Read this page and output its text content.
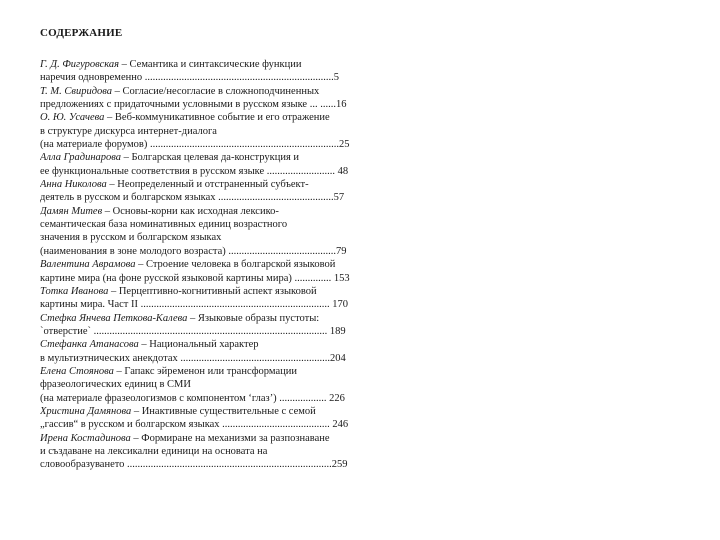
СОДЕРЖАНИЕ
Г. Д. Фигуровская – Семантика и синтаксические функции
наречия одновременно ........................................................................5
Т. М. Свиридова – Согласие/несогласие в сложноподчиненных
предложениях с придаточными условными в русском языке ... ......16
О. Ю. Усачева – Веб-коммуникативное событие и его отражение
в структуре дискурса интернет-диалога
(на материале форумов) ........................................................................25
Алла Градинарова – Болгарская целевая да-конструкция и
ее функциональные соответствия в русском языке .......................... 48
Анна Николова – Неопределенный и отстраненный субъект-
деятель в русском и болгарском языках ............................................57
Дамян Митев – Основы-корни как исходная лексико-
семантическая база номинативных единиц возрастного
значения в русском и болгарском языках
(наименования в зоне молодого возраста) .........................................79
Валентина Аврамова – Строение человека в болгарской языковой
картине мира (на фоне русской языковой картины мира) .............. 153
Тотка Иванова – Перцептивно-когнитивный аспект языковой
картины мира. Част II ........................................................................ 170
Стефка Янчева Петкова-Калева – Языковые образы пустоты:
`отверстие` ......................................................................................... 189
Стефанка Атанасова – Национальный характер
в мультиэтнических анекдотах .........................................................204
Елена Стоянова – Гапакс эйременон или трансформации
фразеологических единиц в СМИ
(на материале фразеологизмов с компонентом ‘глаз’) .................. 226
Христина Дамянова – Инактивные существительные с семой
„гассив“ в русском и болгарском языках ......................................... 246
Ирена Костадинова – Формиране на механизми за разпознаване
и създаване на лексикални единици на основата на
словообразуването ..............................................................................259
